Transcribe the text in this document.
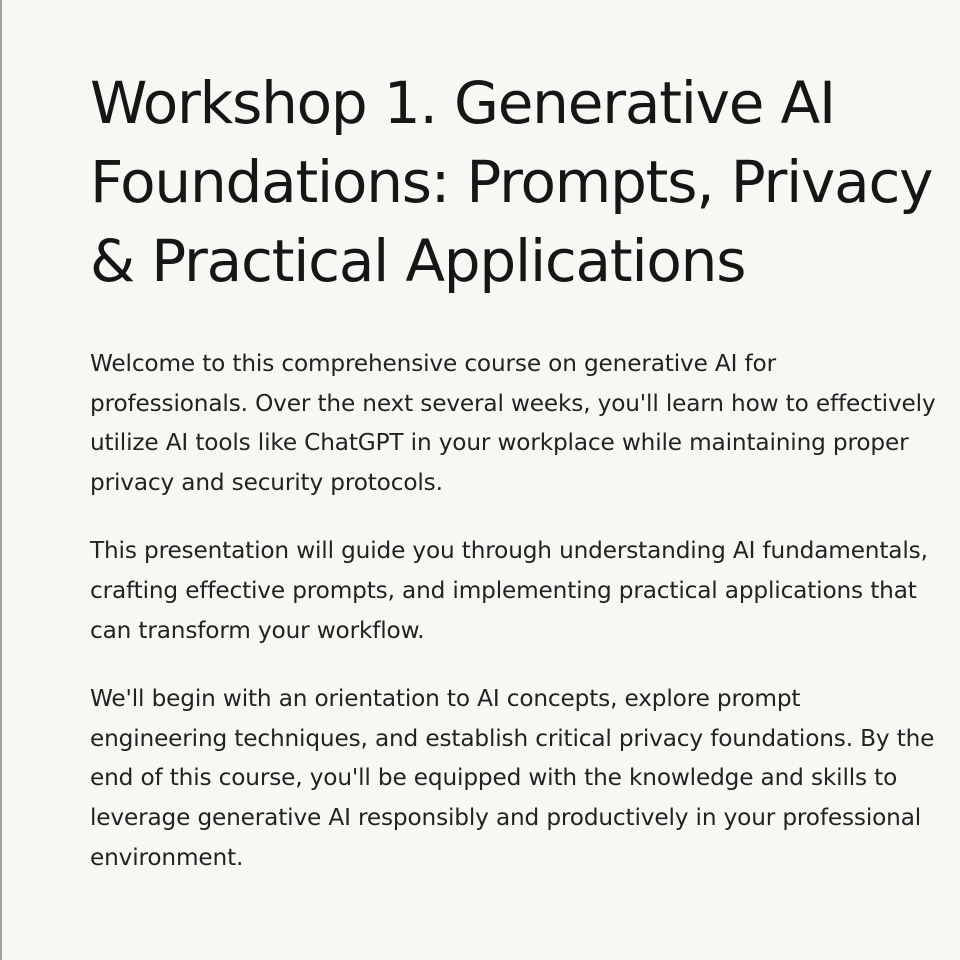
Workshop 1. Generative AI Foundations: Prompts, Privacy & Practical Applications

Welcome to this comprehensive course on generative AI for professionals. Over the next several weeks, you'll learn how to effectively utilize AI tools like ChatGPT in your workplace while maintaining proper privacy and security protocols.

This presentation will guide you through understanding AI fundamentals, crafting effective prompts, and implementing practical applications that can transform your workflow.

We'll begin with an orientation to AI concepts, explore prompt engineering techniques, and establish critical privacy foundations. By the end of this course, you'll be equipped with the knowledge and skills to leverage generative AI responsibly and productively in your professional environment.
